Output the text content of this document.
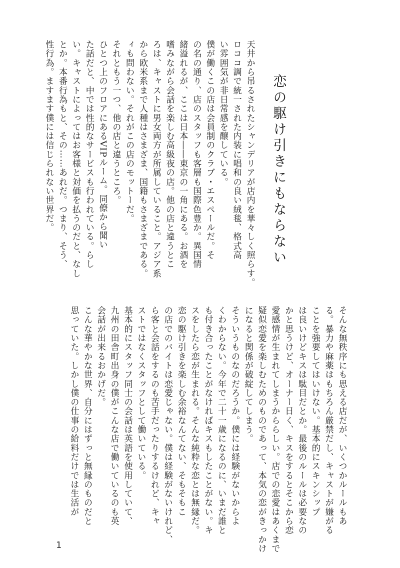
恋の駆け引きにもならない
天井から吊るされたシャンデリアが店内を華々しく照らす。
ロココ調で統一された内装に唱和の良い絨毯、格式高
い雰囲気が非日常感を醸している。
僕が働くこの店は会員制のクラブ・エスペールだ。そ
の名の通り、店のスタッフも客層も国際色豊か。異国情
緒溢れるが、ここは日本――東京の一角にある。お酒を
嗜みながら会話を楽しむ高級夜の店。他の店と違うとこ
ろは、キャストに男女両方が所属していること。アジア系
から欧米系まで人種はさまざま、国籍もさまざまである。
ィも問わない。それがこの店のモットーだ。
それともう一つ、他の店と違うところ。
ひとつ上のフロアにあるVIPルーム。同僚から聞い
た話だと、中では性的なサービスも行われている。らし
い。キャストによってはお客様と対価を払うのだと、なし
とか。本番行為もと、その……あれだ。つまり、そう、
性行為。ますます僕には信じられない世界だ。
そんな無秩序にも思える店だが、いくつかルールもあ
る。暴力や麻薬はもちろん厳禁だし、キャストが嫌がる
ことを強要してはいけない。基本的にスキンシップ
は良いけどキスは駄目だとか。最後のルールは必要なの
かと思うけど、オーナー日く、キスをするとそこから恋
愛感情が生まれてしまうかららしい。店での恋愛はあくまで
疑似恋愛を楽しむためのものであって、本気の恋がきっかけ
になると関係が破綻してしまう。
そういうものなのだろうか。僕には経験がないからよ
くわからない。今年で二十一歳になるのに、いまだ誰と
も付き合ったことがなければキスもしたことがない。キ
スをしたら恋が生まれる。そんな純粋な恋とは無縁だ。
恋の駆け引きを楽しむ余裕なんてない、そもそもこ
の店でのバイトは恋愛じゃない。僕は経験がないけれど、
ら客と会話をするのも苦手だったりするけれど、キャ
ストではなくスタッフとして働いている。
基本的にスタッフ同士の会話は英語を使用していて、
九州の田舎町出身の僕がこんな店で働いているのも英
会話が出来るおかげだ。
こんな華やかな世界、自分にはずっと無縁のものだと
思っていた。しかし僕の仕事の給料だけでは生活が
1
